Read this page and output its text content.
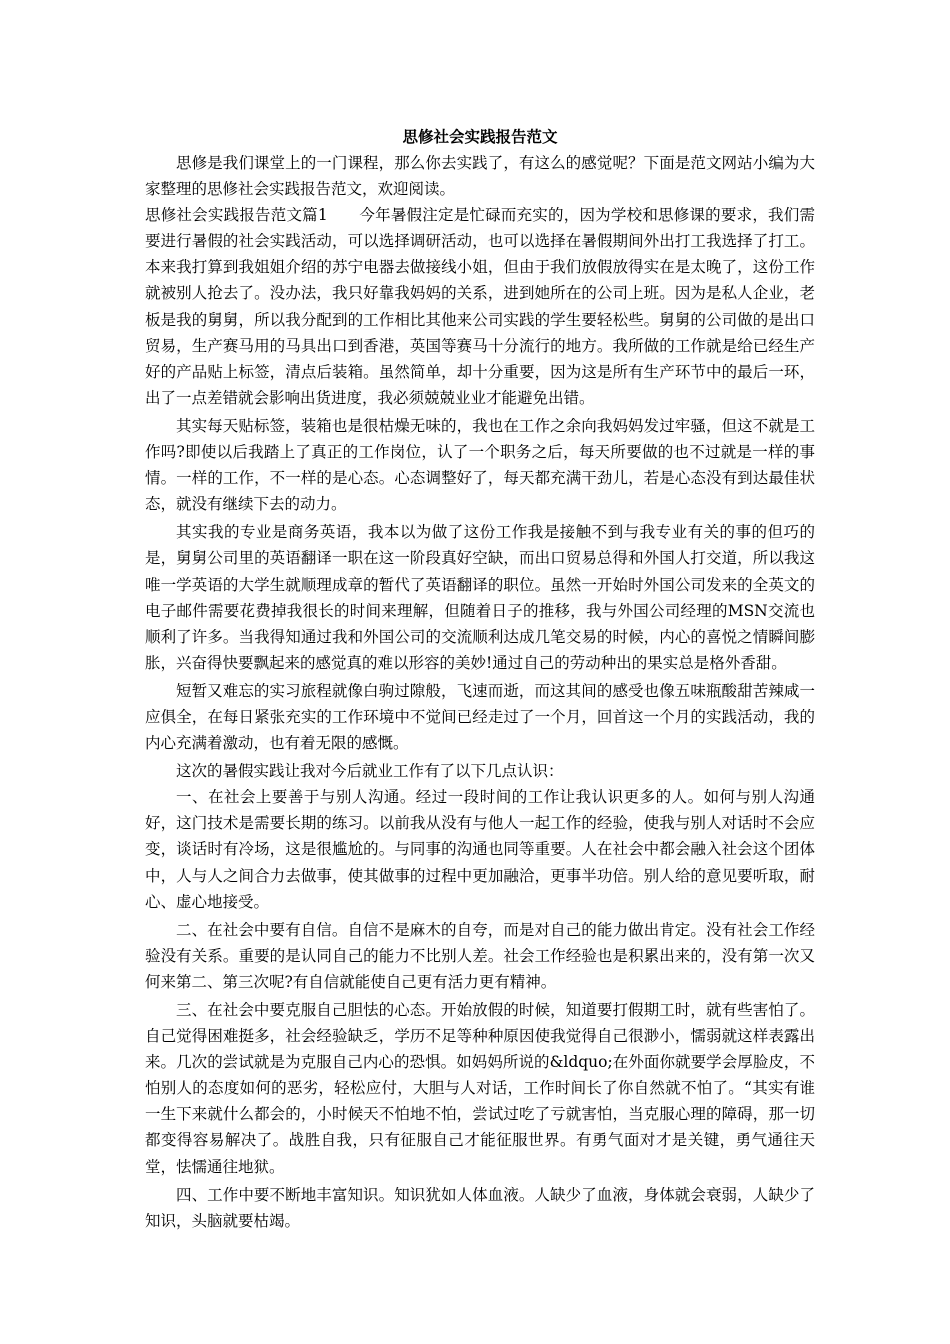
思修社会实践报告范文

思修是我们课堂上的一门课程，那么你去实践了，有这么的感觉呢？下面是范文网站小编为大家整理的思修社会实践报告范文，欢迎阅读。

思修社会实践报告范文篇1　　今年暑假注定是忙碌而充实的，因为学校和思修课的要求，我们需要进行暑假的社会实践活动，可以选择调研活动，也可以选择在暑假期间外出打工我选择了打工。本来我打算到我姐姐介绍的苏宁电器去做接线小姐，但由于我们放假放得实在是太晚了，这份工作就被别人抢去了。没办法，我只好靠我妈妈的关系，进到她所在的公司上班。因为是私人企业，老板是我的舅舅，所以我分配到的工作相比其他来公司实践的学生要轻松些。舅舅的公司做的是出口贸易，生产赛马用的马具出口到香港，英国等赛马十分流行的地方。我所做的工作就是给已经生产好的产品贴上标签，清点后装箱。虽然简单，却十分重要，因为这是所有生产环节中的最后一环，出了一点差错就会影响出货进度，我必须兢兢业业才能避免出错。

其实每天贴标签，装箱也是很枯燥无味的，我也在工作之余向我妈妈发过牢骚，但这不就是工作吗?即使以后我踏上了真正的工作岗位，认了一个职务之后，每天所要做的也不过就是一样的事情。一样的工作，不一样的是心态。心态调整好了，每天都充满干劲儿，若是心态没有到达最佳状态，就没有继续下去的动力。

其实我的专业是商务英语，我本以为做了这份工作我是接触不到与我专业有关的事的但巧的是，舅舅公司里的英语翻译一职在这一阶段真好空缺，而出口贸易总得和外国人打交道，所以我这唯一学英语的大学生就顺理成章的暂代了英语翻译的职位。虽然一开始时外国公司发来的全英文的电子邮件需要花费掉我很长的时间来理解，但随着日子的推移，我与外国公司经理的MSN交流也顺利了许多。当我得知通过我和外国公司的交流顺利达成几笔交易的时候，内心的喜悦之情瞬间膨胀，兴奋得快要飘起来的感觉真的难以形容的美妙!通过自己的劳动种出的果实总是格外香甜。

短暂又难忘的实习旅程就像白驹过隙般，飞速而逝，而这其间的感受也像五味瓶酸甜苦辣咸一应俱全，在每日紧张充实的工作环境中不觉间已经走过了一个月，回首这一个月的实践活动，我的内心充满着激动，也有着无限的感慨。

这次的暑假实践让我对今后就业工作有了以下几点认识：

一、在社会上要善于与别人沟通。经过一段时间的工作让我认识更多的人。如何与别人沟通好，这门技术是需要长期的练习。以前我从没有与他人一起工作的经验，使我与别人对话时不会应变，谈话时有冷场，这是很尴尬的。与同事的沟通也同等重要。人在社会中都会融入社会这个团体中，人与人之间合力去做事，使其做事的过程中更加融洽，更事半功倍。别人给的意见要听取，耐心、虚心地接受。

二、在社会中要有自信。自信不是麻木的自夸，而是对自己的能力做出肯定。没有社会工作经验没有关系。重要的是认同自己的能力不比别人差。社会工作经验也是积累出来的，没有第一次又何来第二、第三次呢?有自信就能使自己更有活力更有精神。

三、在社会中要克服自己胆怯的心态。开始放假的时候，知道要打假期工时，就有些害怕了。自己觉得困难挺多，社会经验缺乏，学历不足等种种原因使我觉得自己很渺小，懦弱就这样表露出来。几次的尝试就是为克服自己内心的恐惧。如妈妈所说的&ldquo;在外面你就要学会厚脸皮，不怕别人的态度如何的恶劣，轻松应付，大胆与人对话，工作时间长了你自然就不怕了。“其实有谁一生下来就什么都会的，小时候天不怕地不怕，尝试过吃了亏就害怕，当克服心理的障碍，那一切都变得容易解决了。战胜自我，只有征服自己才能征服世界。有勇气面对才是关键，勇气通往天堂，怯懦通往地狱。

四、工作中要不断地丰富知识。知识犹如人体血液。人缺少了血液，身体就会衰弱，人缺少了知识，头脑就要枯竭。
